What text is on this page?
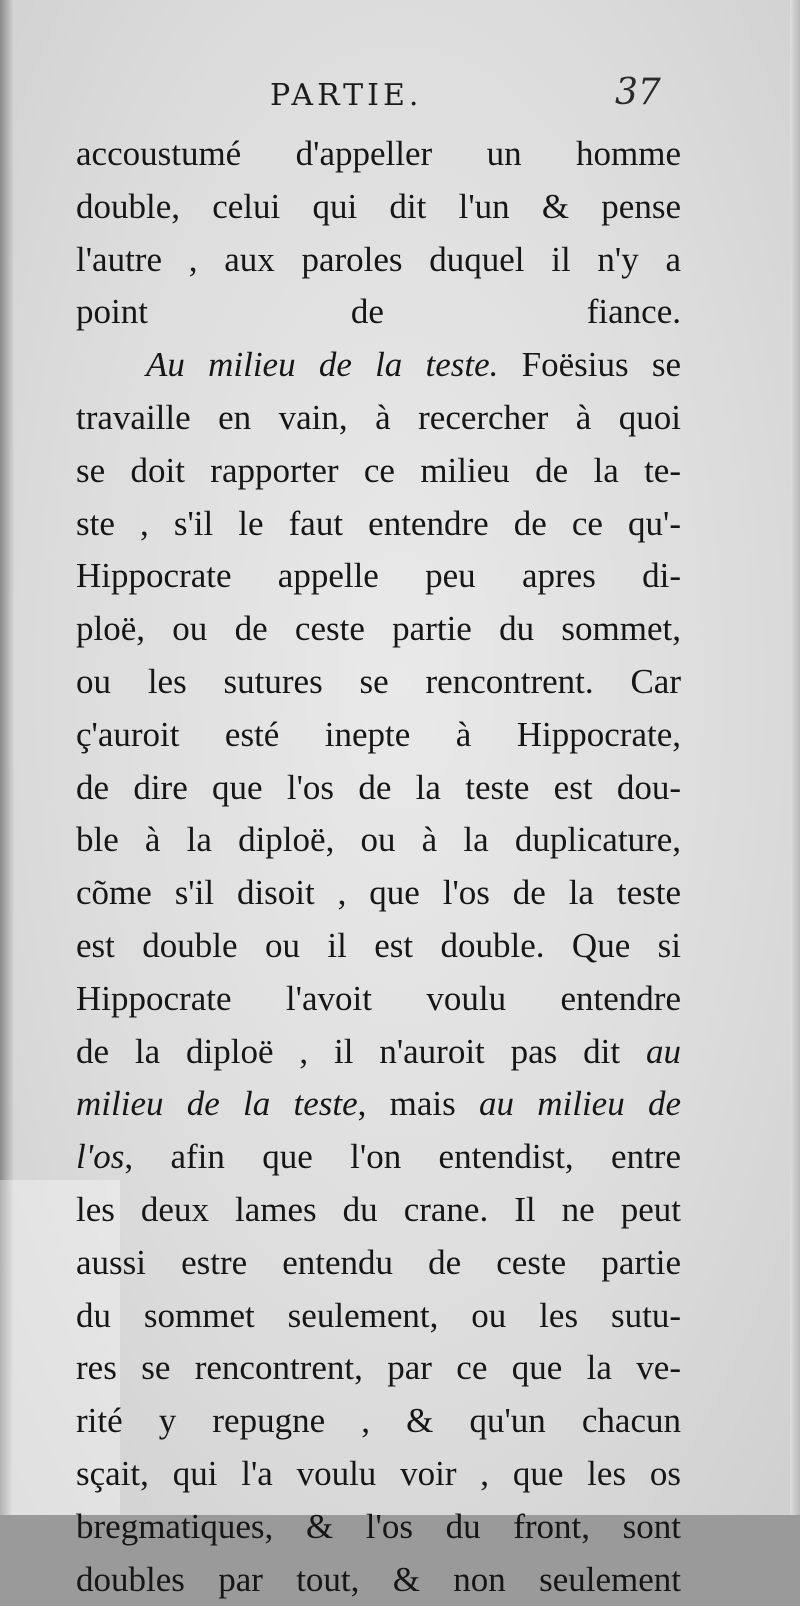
PARTIE.	37
accoustumé d'appeller un homme
double, celui qui dit l'un & pense
l'autre , aux paroles duquel il n'y a
point de fiance.
Au milieu de la teste. Foësius se
travaille en vain, à recercher à quoi
se doit rapporter ce milieu de la te-
ste , s'il le faut entendre de ce qu'-
Hippocrate appelle peu apres di-
ploë, ou de ceste partie du sommet,
ou les sutures se rencontrent. Car
ç'auroit esté inepte à Hippocrate,
de dire que l'os de la teste est dou-
ble à la diploë, ou à la duplicature,
cõme s'il disoit , que l'os de la teste
est double ou il est double. Que si
Hippocrate l'avoit voulu entendre
de la diploë , il n'auroit pas dit au
milieu de la teste, mais au milieu de
l'os, afin que l'on entendist, entre
les deux lames du crane. Il ne peut
aussi estre entendu de ceste partie
du sommet seulement, ou les sutu-
res se rencontrent, par ce que la ve-
rité y repugne , & qu'un chacun
sçait, qui l'a voulu voir , que les os
bregmatiques, & l'os du front, sont
doubles par tout, & non seulement
